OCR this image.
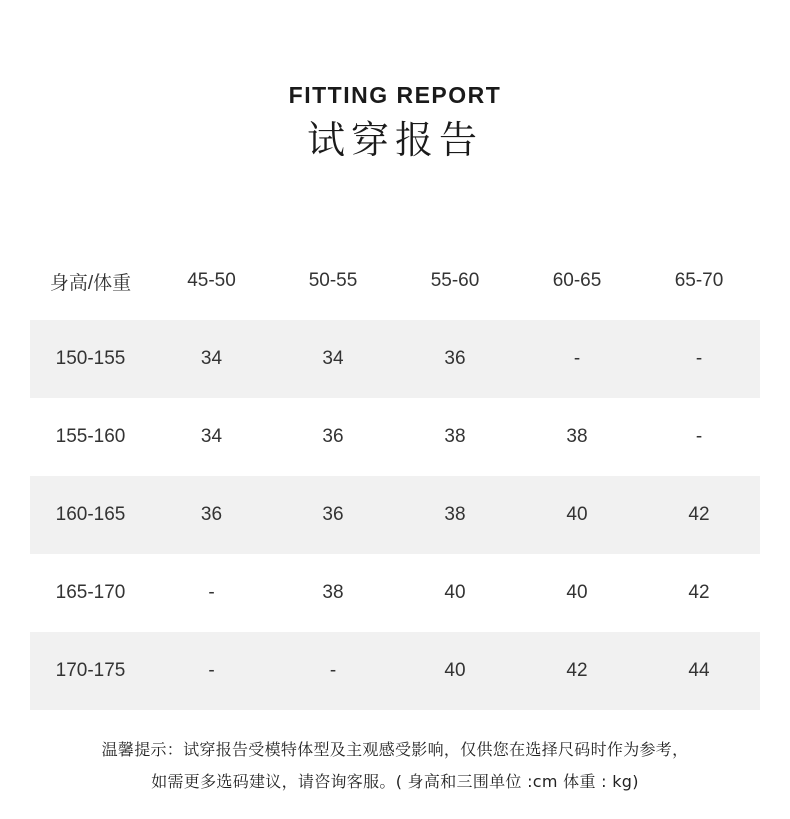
FITTING REPORT
试穿报告
身高/体重	45-50	50-55	55-60	60-65	65-70
150-155	34	34	36	-	-
155-160	34	36	38	38	-
160-165	36	36	38	40	42
165-170	-	38	40	40	42
170-175	-	-	40	42	44
温馨提示：试穿报告受模特体型及主观感受影响，仅供您在选择尺码时作为参考，
如需更多选码建议，请咨询客服。( 身高和三围单位 :cm 体重 : kg)
